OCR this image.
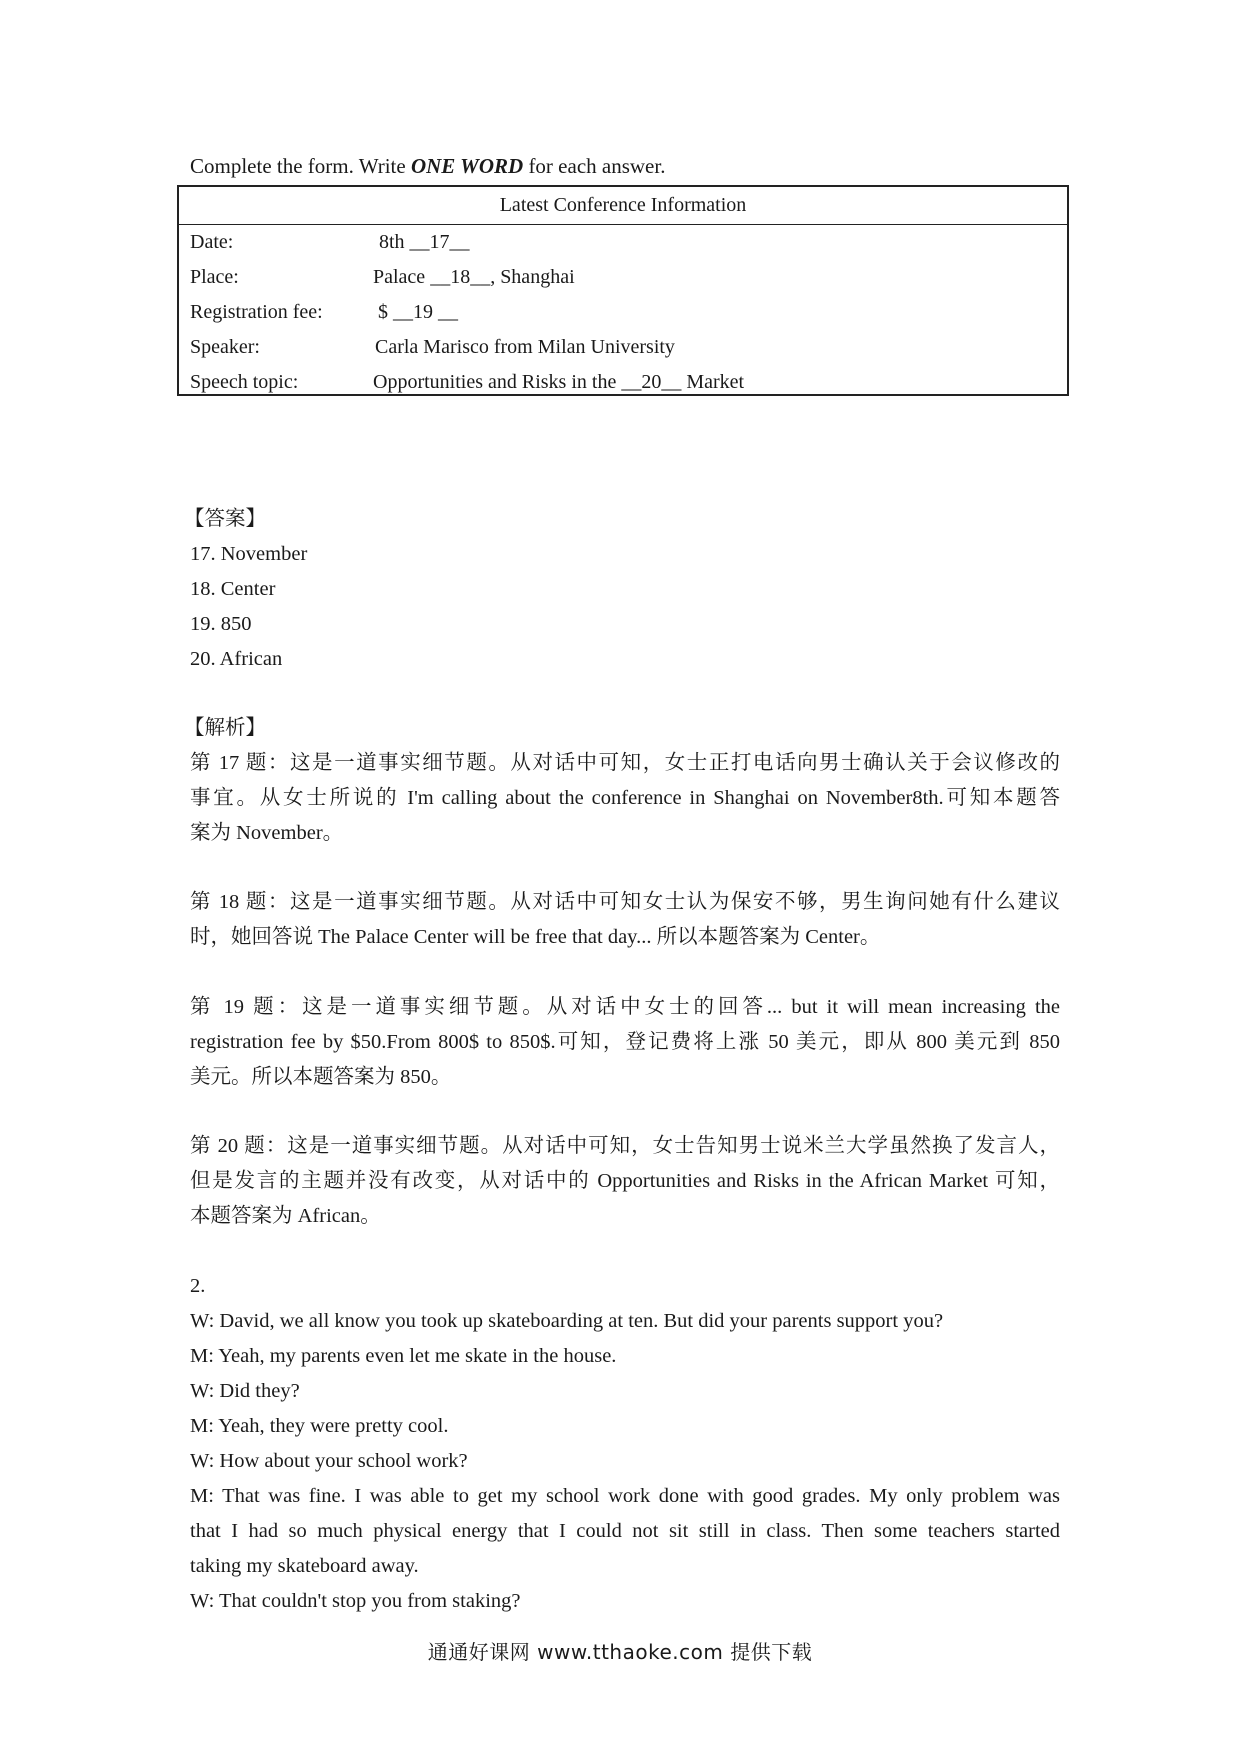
Complete the form. Write ONE WORD for each answer.
Latest Conference Information
Date:	8th __17__
Place:	Palace __18__, Shanghai
Registration fee:	$ __19 __
Speaker:	Carla Marisco from Milan University
Speech topic:	Opportunities and Risks in the __20__ Market
【答案】
17. November
18. Center
19. 850
20. African
【解析】
第 17 题：这是一道事实细节题。从对话中可知，女士正打电话向男士确认关于会议修改的
事宜。从女士所说的 I'm calling about the conference in Shanghai on November8th.可知本题答
案为 November。
第 18 题：这是一道事实细节题。从对话中可知女士认为保安不够，男生询问她有什么建议
时，她回答说 The Palace Center will be free that day... 所以本题答案为 Center。
第 19 题：这是一道事实细节题。从对话中女士的回答... but it will mean increasing the
registration fee by $50.From 800$ to 850$.可知，登记费将上涨 50 美元，即从 800 美元到 850
美元。所以本题答案为 850。
第 20 题：这是一道事实细节题。从对话中可知，女士告知男士说米兰大学虽然换了发言人，
但是发言的主题并没有改变，从对话中的 Opportunities and Risks in the African Market 可知，
本题答案为 African。
2.
W: David, we all know you took up skateboarding at ten. But did your parents support you?
M: Yeah, my parents even let me skate in the house.
W: Did they?
M: Yeah, they were pretty cool.
W: How about your school work?
M: That was fine. I was able to get my school work done with good grades. My only problem was
that I had so much physical energy that I could not sit still in class. Then some teachers started
taking my skateboard away.
W: That couldn't stop you from staking?
通通好课网 www.tthaoke.com 提供下载
